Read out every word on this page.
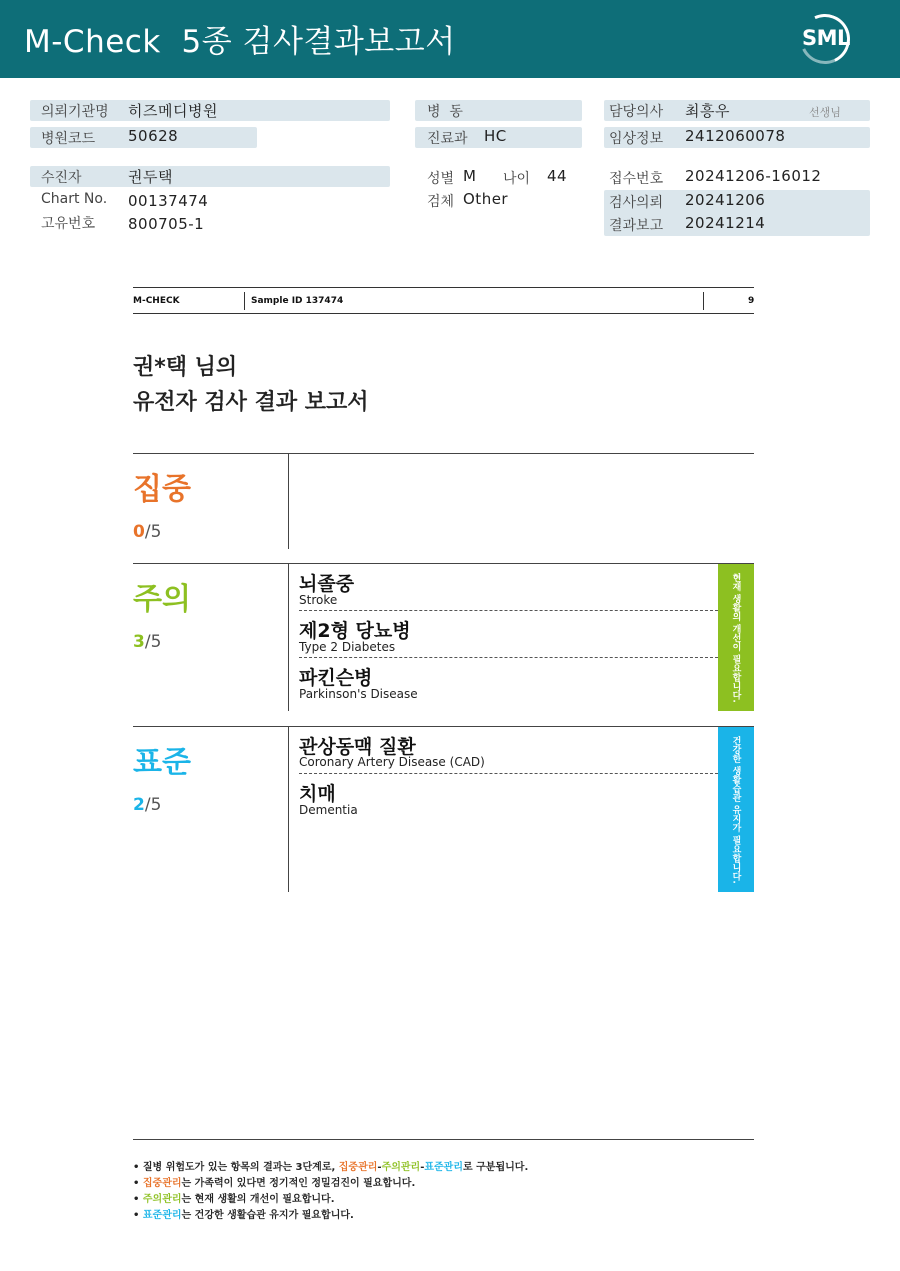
M-Check  5종 검사결과보고서	SML
의뢰기관명 히즈메디병원
병원코드 50628
수진자	권두택
Chart No. 00137474
고유번호 800705-1
병  동
진료과 HC
성별 M 나이 44
검체 Other
담당의사 최흥우	선생님
임상정보 2412060078
접수번호 20241206-16012
검사의뢰 20241206
결과보고 20241214
M-CHECK	Sample ID 137474	9
권*택 님의
유전자 검사 결과 보고서
집중
0/5
주의
3/5
뇌졸중
Stroke
제2형 당뇨병
Type 2 Diabetes
파킨슨병
Parkinson's Disease	현재 생활의 개선이 필요합니다.
표준
2/5
관상동맥 질환
Coronary Artery Disease (CAD)
치매
Dementia	건강한 생활습관 유지가 필요합니다.
• 질병 위험도가 있는 항목의 결과는 3단계로, 집중관리-주의관리-표준관리로 구분됩니다.
• 집중관리는 가족력이 있다면 정기적인 정밀검진이 필요합니다.
• 주의관리는 현재 생활의 개선이 필요합니다.
• 표준관리는 건강한 생활습관 유지가 필요합니다.
